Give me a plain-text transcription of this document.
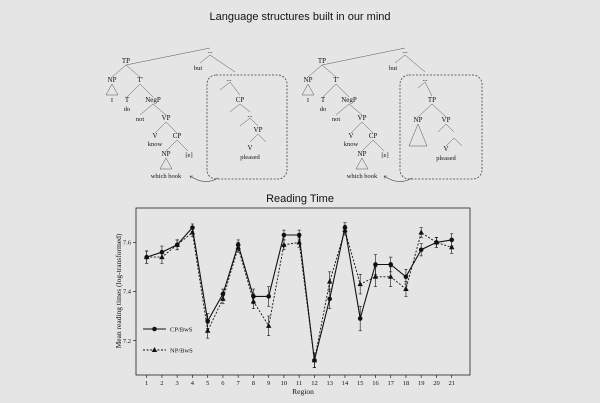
Language structures built in our mind
Reading Time
TP
...
NP	T'
but
I T
do
NegP
not VP
V
know
CP
NP [e]
which book
...
CP
...
VP
V
pleased
TP
...
NP	T'
but
I T
do
NegP
not VP
V
know
CP
NP [e]
which book
...
TP
NP	VP
V
pleased
7.2
7.4
7.6
1 2 3 4 5 6 7 8 9 10 11 12 13 14 15 16 17 18 19 20 21
Region
Mean reading times (log-transformed)	CP/BwS
NP/BwS
